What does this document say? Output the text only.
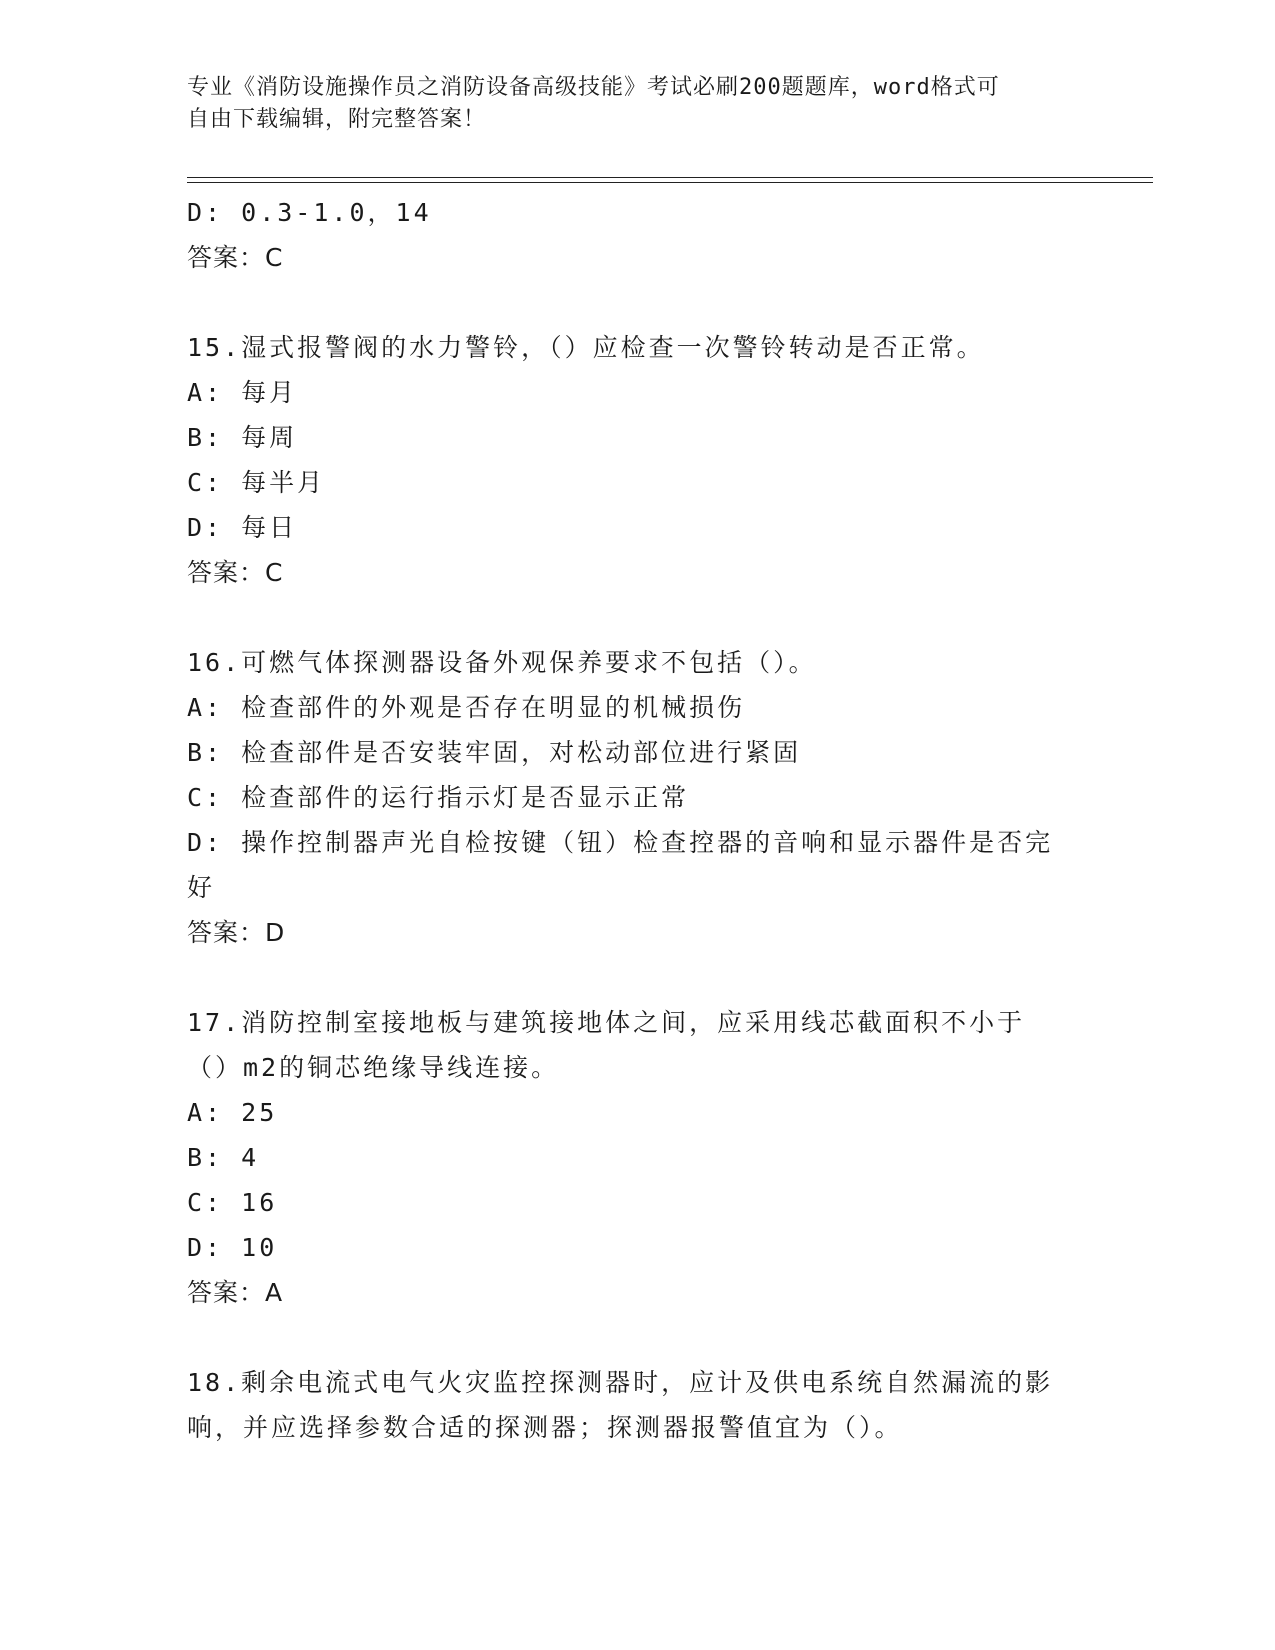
专业《消防设施操作员之消防设备高级技能》考试必刷200题题库，word格式可
自由下载编辑，附完整答案！
D: 0.3-1.0，14
答案：C
15.湿式报警阀的水力警铃，（）应检查一次警铃转动是否正常。
A: 每月
B: 每周
C: 每半月
D: 每日
答案：C
16.可燃气体探测器设备外观保养要求不包括（）。
A: 检查部件的外观是否存在明显的机械损伤
B: 检查部件是否安装牢固，对松动部位进行紧固
C: 检查部件的运行指示灯是否显示正常
D: 操作控制器声光自检按键（钮）检查控器的音响和显示器件是否完好
答案：D
17.消防控制室接地板与建筑接地体之间，应采用线芯截面积不小于（）m2的铜芯绝缘导线连接。
A: 25
B: 4
C: 16
D: 10
答案：A
18.剩余电流式电气火灾监控探测器时，应计及供电系统自然漏流的影响，并应选择参数合适的探测器；探测器报警值宜为（）。
